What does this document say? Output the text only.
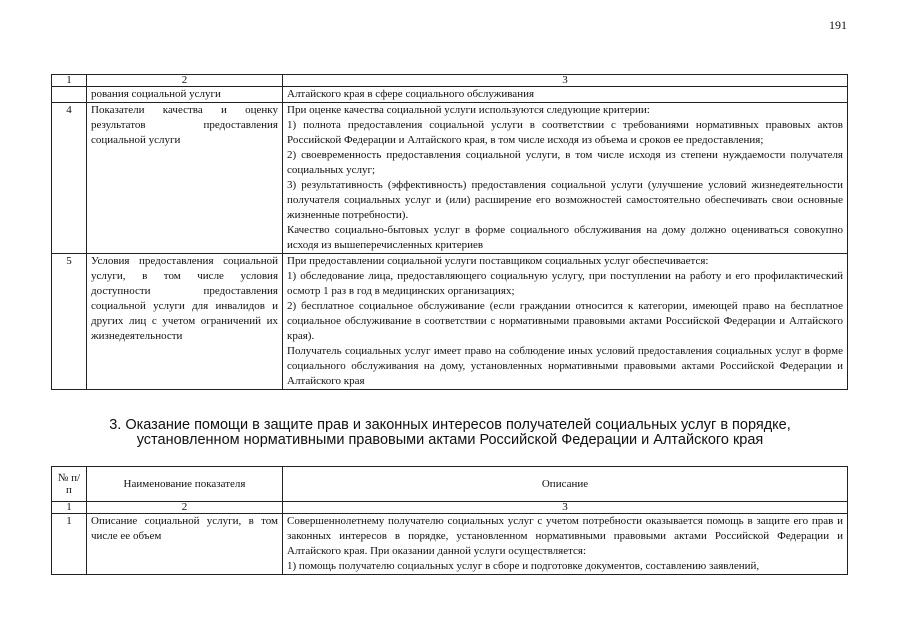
191
1	2	3
	рования социальной услуги	Алтайского края в сфере социального обслуживания
4	Показатели качества и оценку результатов предоставления социальной услуги	При оценке качества социальной услуги используются следующие критерии:

1) полнота предоставления социальной услуги в соответствии с требованиями нормативных правовых актов Российской Федерации и Алтайского края, в том числе исходя из объема и сроков ее предоставления;

2) своевременность предоставления социальной услуги, в том числе исходя из степени нуждаемости получателя социальных услуг;

3) результативность (эффективность) предоставления социальной услуги (улучшение условий жизнедеятельности получателя социальных услуг и (или) расширение его возможностей самостоятельно обеспечивать свои основные жизненные потребности).

Качество социально-бытовых услуг в форме социального обслуживания на дому должно оцениваться совокупно исходя из вышеперечисленных критериев

5	Условия предоставления социальной услуги, в том числе условия доступности предоставления социальной услуги для инвалидов и других лиц с учетом ограничений их жизнедеятельности	При предоставлении социальной услуги поставщиком социальных услуг обеспечивается:

1) обследование лица, предоставляющего социальную услугу, при поступлении на работу и его профилактический осмотр 1 раз в год в медицинских организациях;

2) бесплатное социальное обслуживание (если граждании относится к категории, имеющей право на бесплатное социальное обслуживание в соответствии с нормативными правовыми актами Российской Федерации и Алтайского края).

Получатель социальных услуг имеет право на соблюдение иных условий предоставления социальных услуг в форме социального обслуживания на дому, установленных нормативными правовыми актами Российской Федерации и Алтайского края

3. Оказание помощи в защите прав и законных интересов получателей социальных услуг в порядке, установленном нормативными правовыми актами Российской Федерации и Алтайского края
№ п/п	Наименование показателя	Описание
1	2	3
1	Описание социальной услуги, в том числе ее объем	Совершеннолетнему получателю социальных услуг с учетом потребности оказывается помощь в защите его прав и законных интересов в порядке, установленном нормативными правовыми актами Российской Федерации и Алтайского края. При оказании данной услуги осуществляется:

1) помощь получателю социальных услуг в сборе и подготовке документов, составлению заявлений,
